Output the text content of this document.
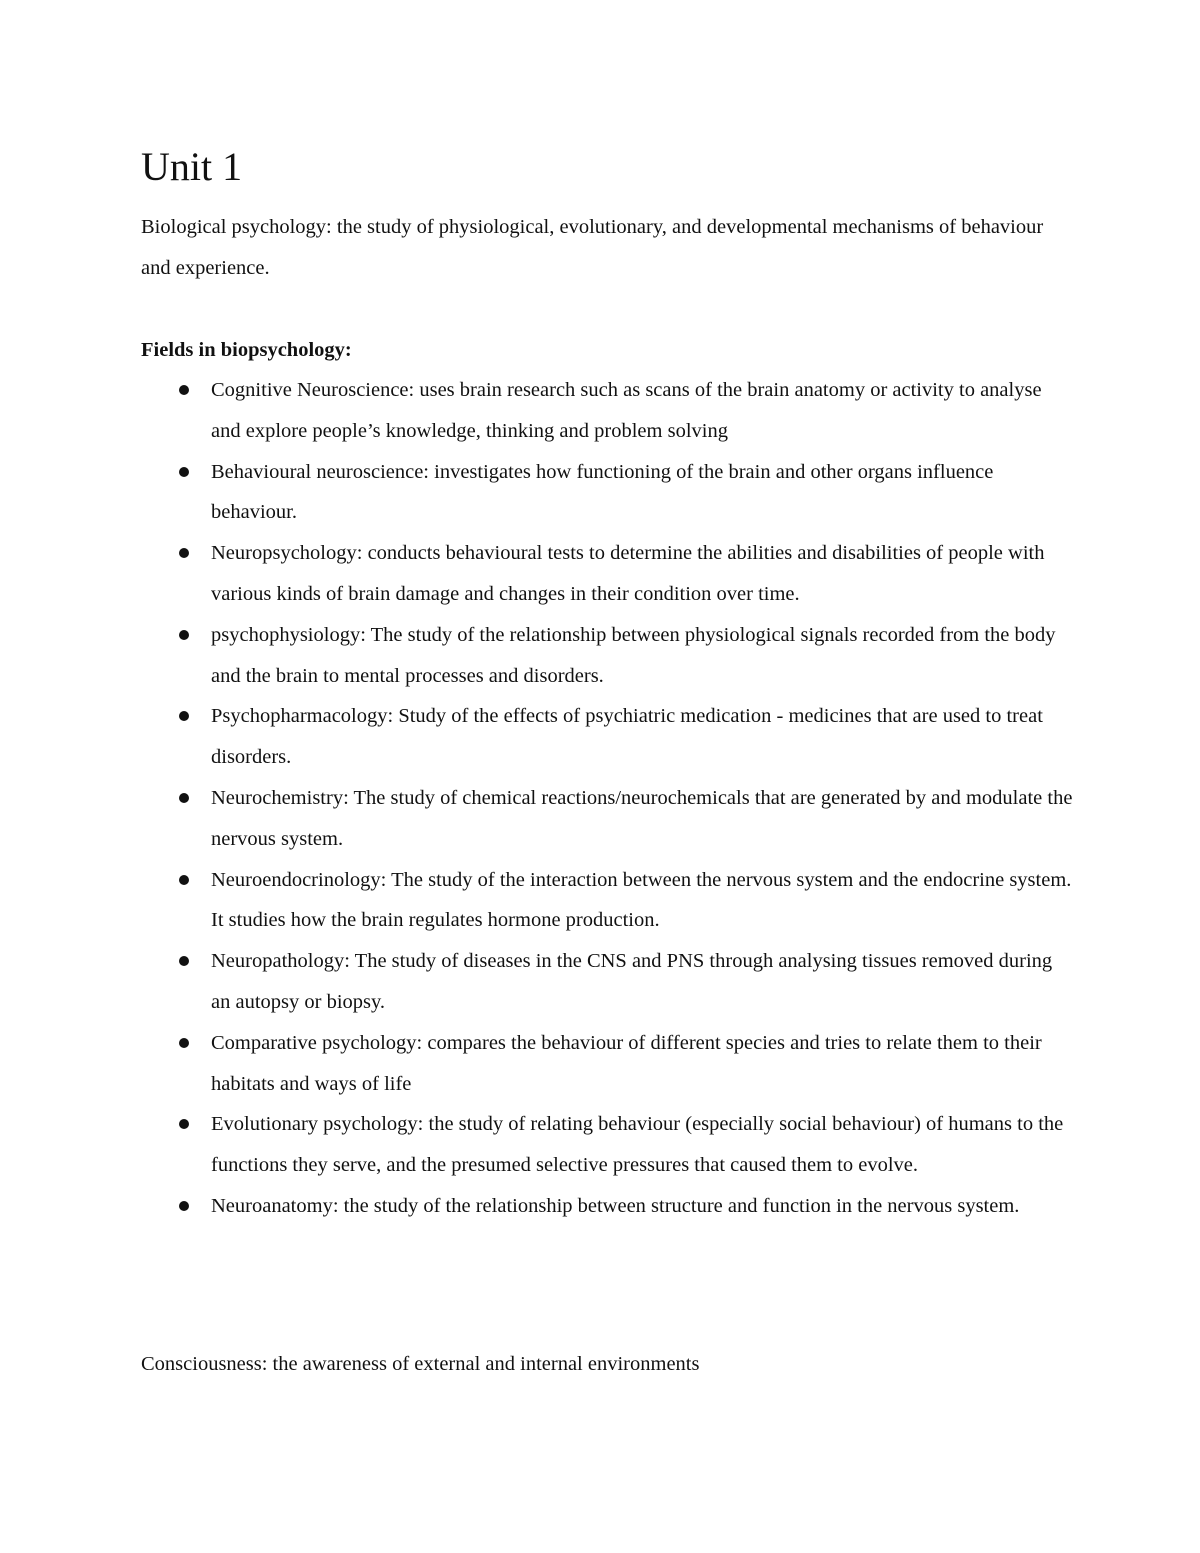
Unit 1

Biological psychology: the study of physiological, evolutionary, and developmental mechanisms of behaviour and experience.

Fields in biopsychology:

Cognitive Neuroscience: uses brain research such as scans of the brain anatomy or activity to analyse and explore people’s knowledge, thinking and problem solving
Behavioural neuroscience: investigates how functioning of the brain and other organs influence behaviour.
Neuropsychology: conducts behavioural tests to determine the abilities and disabilities of people with various kinds of brain damage and changes in their condition over time.
psychophysiology: The study of the relationship between physiological signals recorded from the body and the brain to mental processes and disorders.
Psychopharmacology: Study of the effects of psychiatric medication - medicines that are used to treat disorders.
Neurochemistry: The study of chemical reactions/neurochemicals that are generated by and modulate the nervous system.
Neuroendocrinology: The study of the interaction between the nervous system and the endocrine system. It studies how the brain regulates hormone production.
Neuropathology: The study of diseases in the CNS and PNS through analysing tissues removed during an autopsy or biopsy.
Comparative psychology: compares the behaviour of different species and tries to relate them to their habitats and ways of life
Evolutionary psychology: the study of relating behaviour (especially social behaviour) of humans to the functions they serve, and the presumed selective pressures that caused them to evolve.
Neuroanatomy: the study of the relationship between structure and function in the nervous system.

Consciousness: the awareness of external and internal environments
